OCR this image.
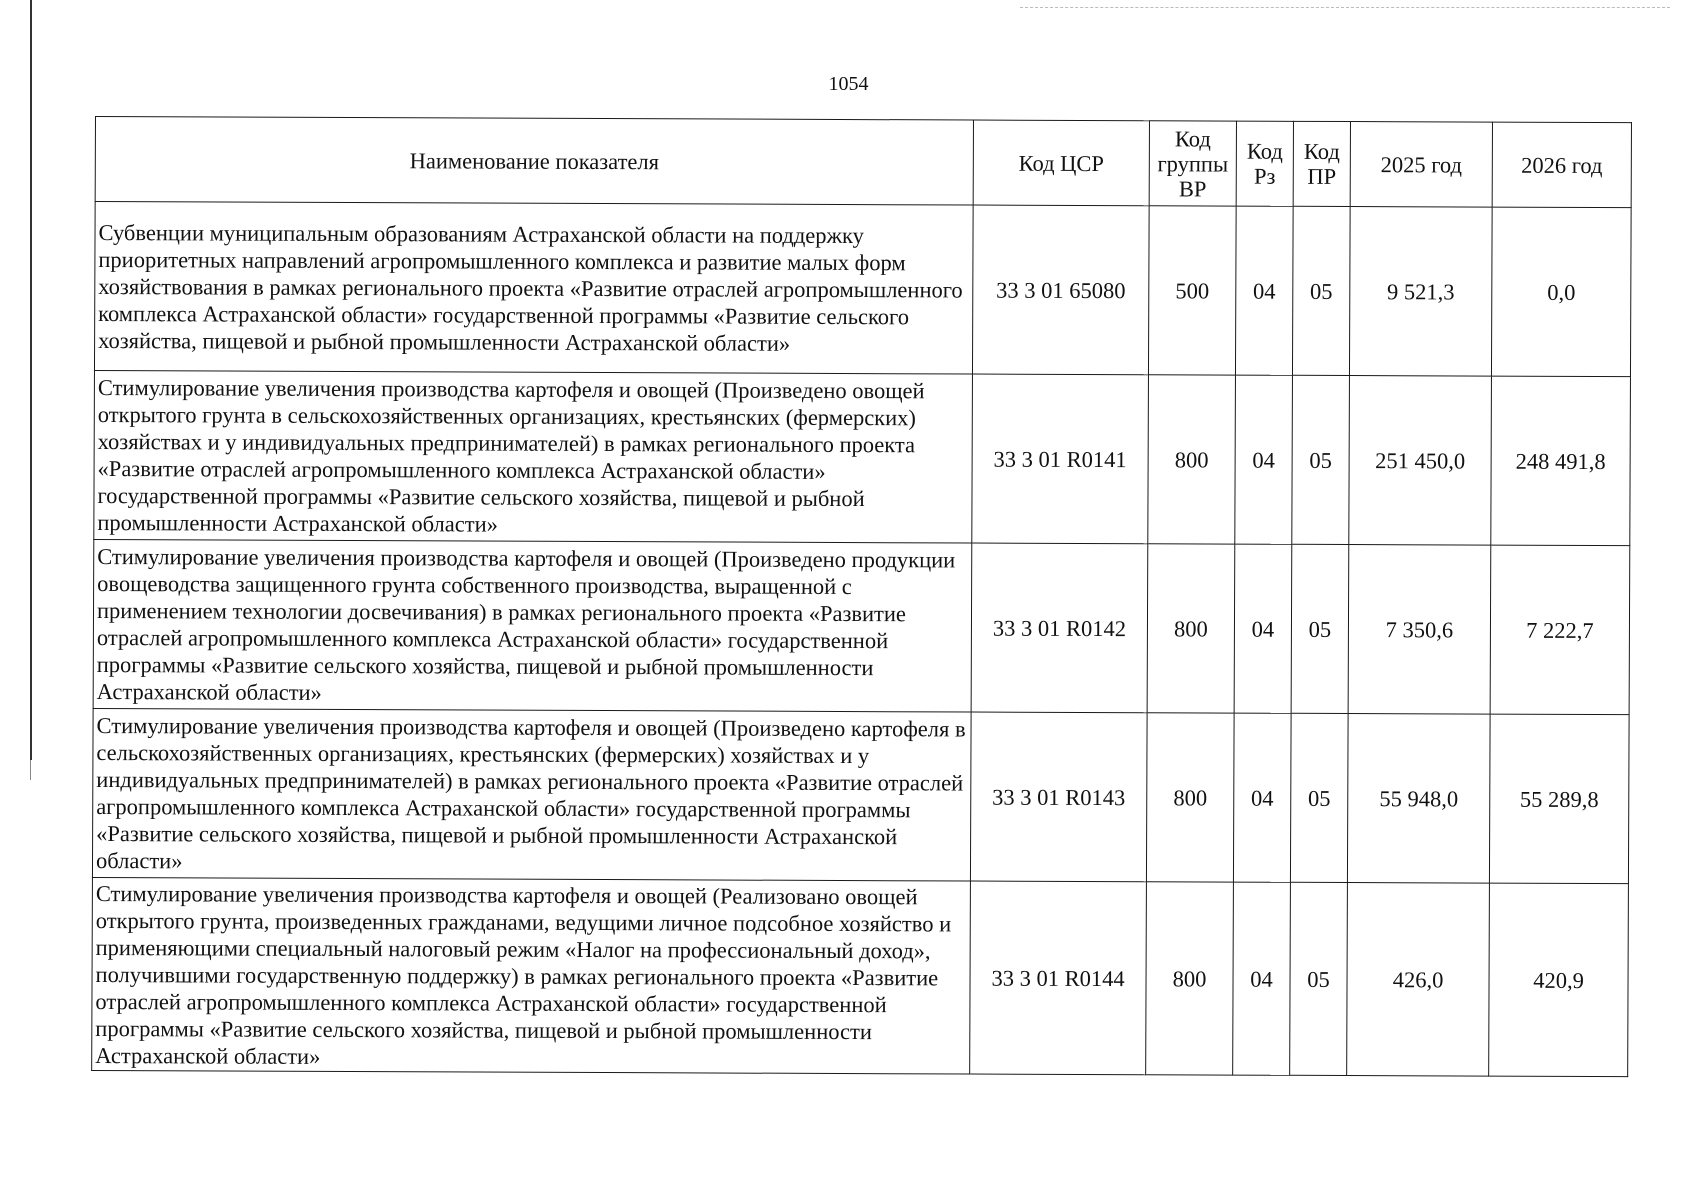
1054
Наименование показателя	Код ЦСР	Код группы ВР	Код Рз	Код ПР	2025 год	2026 год
Субвенции муниципальным образованиям Астраханской области на поддержку приоритетных направлений агропромышленного комплекса и развитие малых форм хозяйствования в рамках регионального проекта «Развитие отраслей агропромышленного комплекса Астраханской области» государственной программы «Развитие сельского хозяйства, пищевой и рыбной промышленности Астраханской области»	33 3 01 65080	500	04	05	9 521,3	0,0
Стимулирование увеличения производства картофеля и овощей (Произведено овощей открытого грунта в сельскохозяйственных организациях, крестьянских (фермерских) хозяйствах и у индивидуальных предпринимателей) в рамках регионального проекта «Развитие отраслей агропромышленного комплекса Астраханской области» государственной программы «Развитие сельского хозяйства, пищевой и рыбной промышленности Астраханской области»	33 3 01 R0141	800	04	05	251 450,0	248 491,8
Стимулирование увеличения производства картофеля и овощей (Произведено продукции овощеводства защищенного грунта собственного производства, выращенной с применением технологии досвечивания) в рамках регионального проекта «Развитие отраслей агропромышленного комплекса Астраханской области» государственной программы «Развитие сельского хозяйства, пищевой и рыбной промышленности Астраханской области»	33 3 01 R0142	800	04	05	7 350,6	7 222,7
Стимулирование увеличения производства картофеля и овощей (Произведено картофеля в сельскохозяйственных организациях, крестьянских (фермерских) хозяйствах и у индивидуальных предпринимателей) в рамках регионального проекта «Развитие отраслей агропромышленного комплекса Астраханской области» государственной программы «Развитие сельского хозяйства, пищевой и рыбной промышленности Астраханской области»	33 3 01 R0143	800	04	05	55 948,0	55 289,8
Стимулирование увеличения производства картофеля и овощей (Реализовано овощей открытого грунта, произведенных гражданами, ведущими личное подсобное хозяйство и применяющими специальный налоговый режим «Налог на профессиональный доход», получившими государственную поддержку) в рамках регионального проекта «Развитие отраслей агропромышленного комплекса Астраханской области» государственной программы «Развитие сельского хозяйства, пищевой и рыбной промышленности Астраханской области»	33 3 01 R0144	800	04	05	426,0	420,9
